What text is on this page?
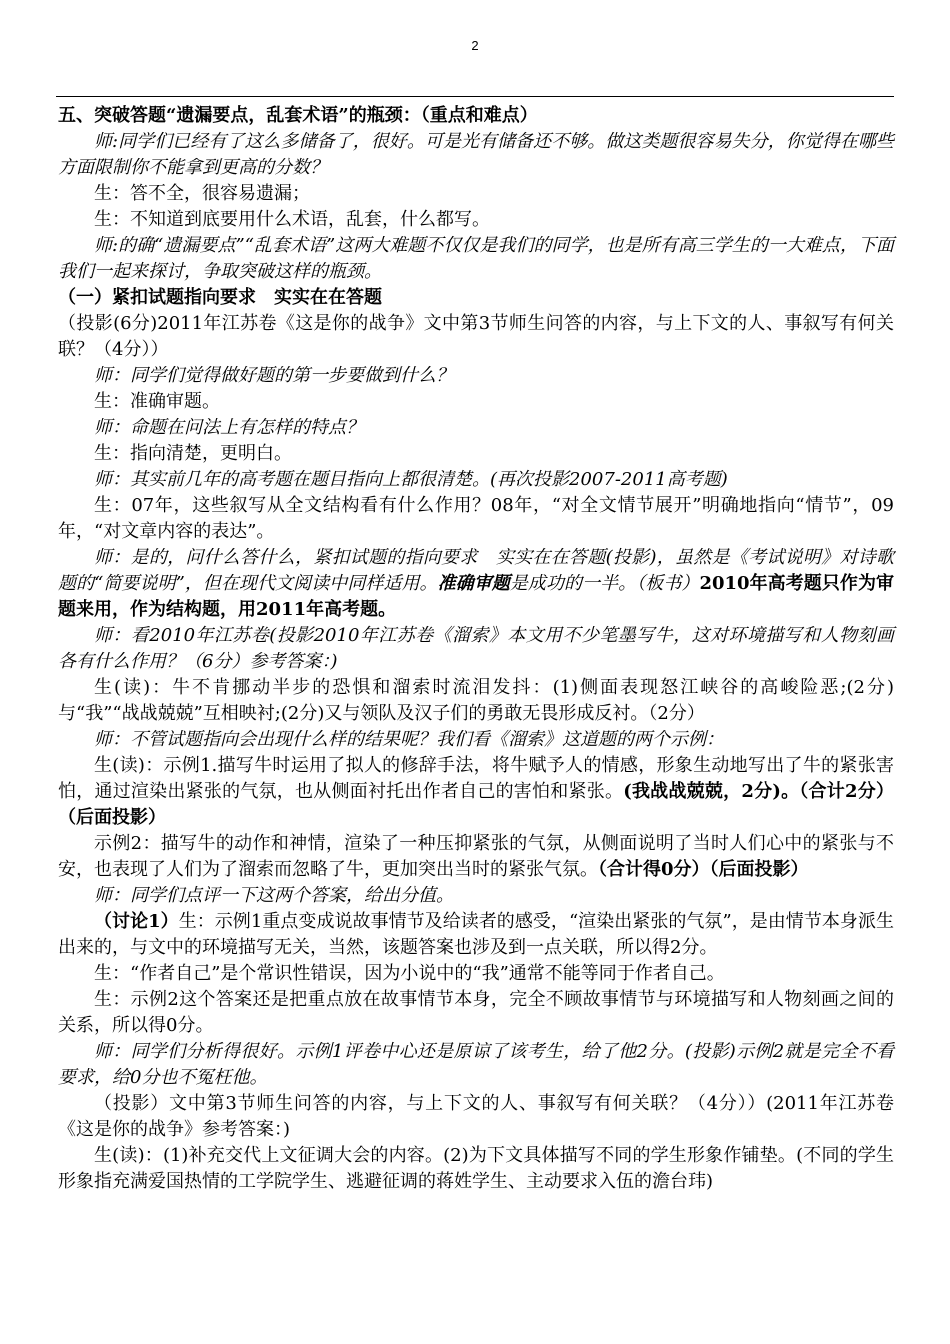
2

五、突破答题“遗漏要点，乱套术语”的瓶颈：（重点和难点）

师:同学们已经有了这么多储备了，很好。可是光有储备还不够。做这类题很容易失分，你觉得在哪些方面限制你不能拿到更高的分数？

生：答不全，很容易遗漏；

生：不知道到底要用什么术语，乱套，什么都写。

师:的确“遗漏要点”“乱套术语”这两大难题不仅仅是我们的同学，也是所有高三学生的一大难点，下面我们一起来探讨，争取突破这样的瓶颈。

（一）紧扣试题指向要求　实实在在答题

（投影(6分)2011年江苏卷《这是你的战争》文中第3节师生问答的内容，与上下文的人、事叙写有何关联？（4分））

师：同学们觉得做好题的第一步要做到什么？

生：准确审题。

师：命题在问法上有怎样的特点？

生：指向清楚，更明白。

师：其实前几年的高考题在题目指向上都很清楚。(再次投影2007-2011高考题)

生：07年，这些叙写从全文结构看有什么作用？08年，“对全文情节展开”明确地指向“情节”，09年，“对文章内容的表达”。

师：是的，问什么答什么，紧扣试题的指向要求　实实在在答题(投影)，虽然是《考试说明》对诗歌题的“简要说明”，但在现代文阅读中同样适用。准确审题是成功的一半。（板书）2010年高考题只作为审题来用，作为结构题，用2011年高考题。

师：看2010年江苏卷(投影2010年江苏卷《溜索》本文用不少笔墨写牛，这对环境描写和人物刻画各有什么作用？（6分）参考答案：)

生(读)：牛不肯挪动半步的恐惧和溜索时流泪发抖：(1)侧面表现怒江峡谷的高峻险恶;(2分)与“我”“战战兢兢”互相映衬;(2分)又与领队及汉子们的勇敢无畏形成反衬。（2分）

师：不管试题指向会出现什么样的结果呢？我们看《溜索》这道题的两个示例：

生(读)：示例1.描写牛时运用了拟人的修辞手法，将牛赋予人的情感，形象生动地写出了牛的紧张害怕，通过渲染出紧张的气氛，也从侧面衬托出作者自己的害怕和紧张。(我战战兢兢，2分)。（合计2分）（后面投影）

示例2：描写牛的动作和神情，渲染了一种压抑紧张的气氛，从侧面说明了当时人们心中的紧张与不安，也表现了人们为了溜索而忽略了牛，更加突出当时的紧张气氛。（合计得0分）（后面投影）

师：同学们点评一下这两个答案，给出分值。

（讨论1）生：示例1重点变成说故事情节及给读者的感受，“渲染出紧张的气氛”，是由情节本身派生出来的，与文中的环境描写无关，当然，该题答案也涉及到一点关联，所以得2分。

生：“作者自己”是个常识性错误，因为小说中的“我”通常不能等同于作者自己。

生：示例2这个答案还是把重点放在故事情节本身，完全不顾故事情节与环境描写和人物刻画之间的关系，所以得0分。

师：同学们分析得很好。示例1评卷中心还是原谅了该考生，给了他2分。(投影)示例2就是完全不看要求，给0分也不冤枉他。

（投影）文中第3节师生问答的内容，与上下文的人、事叙写有何关联？（4分））(2011年江苏卷《这是你的战争》参考答案：)

生(读)：(1)补充交代上文征调大会的内容。(2)为下文具体描写不同的学生形象作铺垫。(不同的学生形象指充满爱国热情的工学院学生、逃避征调的蒋姓学生、主动要求入伍的澹台玮)
